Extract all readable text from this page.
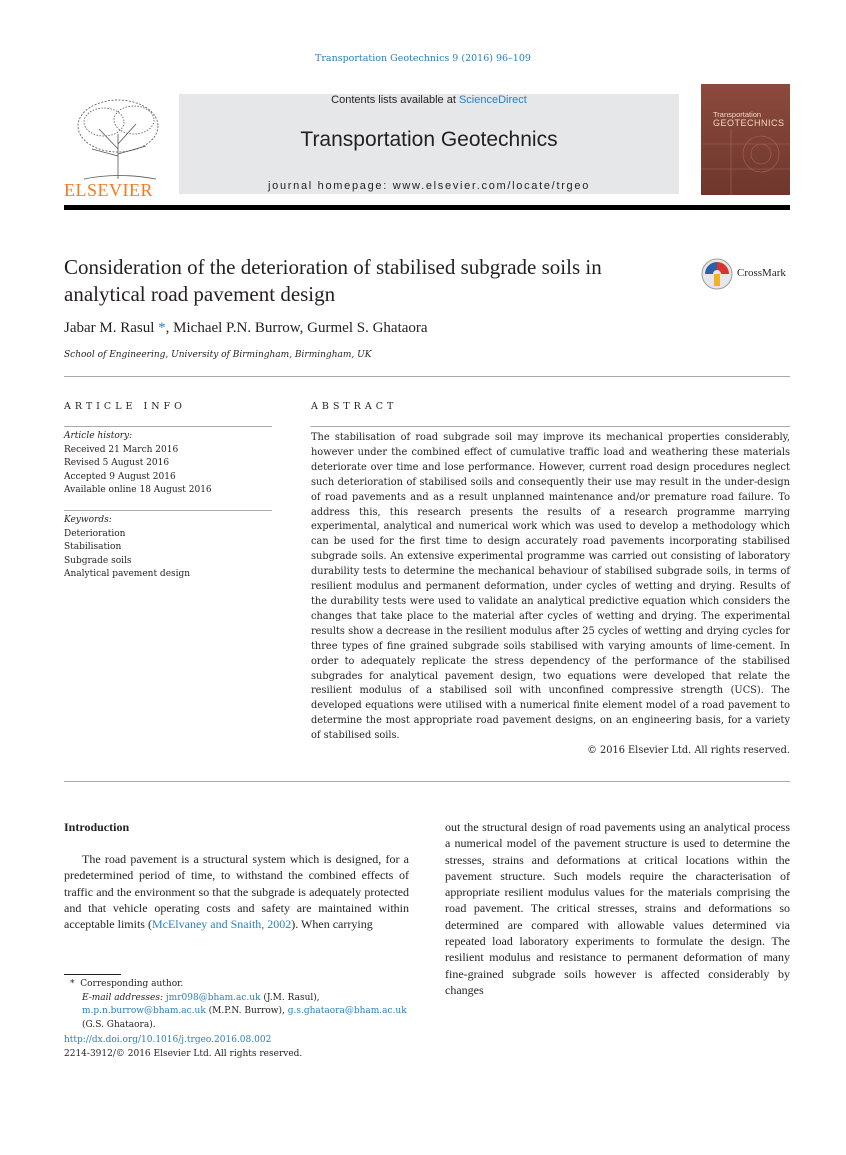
Transportation Geotechnics 9 (2016) 96–109
ELSEVIER
Contents lists available at ScienceDirect
Transportation Geotechnics
journal homepage: www.elsevier.com/locate/trgeo
Transportation
GEOTECHNICS
Consideration of the deterioration of stabilised subgrade soils in analytical road pavement design
CrossMark
Jabar M. Rasul *, Michael P.N. Burrow, Gurmel S. Ghataora
School of Engineering, University of Birmingham, Birmingham, UK
ARTICLE INFO
Article history:
Received 21 March 2016
Revised 5 August 2016
Accepted 9 August 2016
Available online 18 August 2016
Keywords:
Deterioration
Stabilisation
Subgrade soils
Analytical pavement design
ABSTRACT
The stabilisation of road subgrade soil may improve its mechanical properties considerably, however under the combined effect of cumulative traffic load and weathering these materials deteriorate over time and lose performance. However, current road design procedures neglect such deterioration of stabilised soils and consequently their use may result in the under-design of road pavements and as a result unplanned maintenance and/or premature road failure. To address this, this research presents the results of a research programme marrying experimental, analytical and numerical work which was used to develop a methodology which can be used for the first time to design accurately road pavements incorporating stabilised subgrade soils. An extensive experimental programme was carried out consisting of laboratory durability tests to determine the mechanical behaviour of stabilised subgrade soils, in terms of resilient modulus and permanent deformation, under cycles of wetting and drying. Results of the durability tests were used to validate an analytical predictive equation which considers the changes that take place to the material after cycles of wetting and drying. The experimental results show a decrease in the resilient modulus after 25 cycles of wetting and drying cycles for three types of fine grained subgrade soils stabilised with varying amounts of lime-cement. In order to adequately replicate the stress dependency of the performance of the stabilised subgrades for analytical pavement design, two equations were developed that relate the resilient modulus of a stabilised soil with unconfined compressive strength (UCS). The developed equations were utilised with a numerical finite element model of a road pavement to determine the most appropriate road pavement designs, on an engineering basis, for a variety of stabilised soils.
© 2016 Elsevier Ltd. All rights reserved.
Introduction
The road pavement is a structural system which is designed, for a predetermined period of time, to withstand the combined effects of traffic and the environment so that the subgrade is adequately protected and that vehicle operating costs and safety are maintained within acceptable limits (McElvaney and Snaith, 2002). When carrying
out the structural design of road pavements using an analytical process a numerical model of the pavement structure is used to determine the stresses, strains and deformations at critical locations within the pavement structure. Such models require the characterisation of appropriate resilient modulus values for the materials comprising the road pavement. The critical stresses, strains and deformations so determined are compared with allowable values determined via repeated load laboratory experiments to formulate the design. The resilient modulus and resistance to permanent deformation of many fine-grained subgrade soils however is affected considerably by changes
* Corresponding author.
E-mail addresses: jmr098@bham.ac.uk (J.M. Rasul), m.p.n.burrow@bham.ac.uk (M.P.N. Burrow), g.s.ghataora@bham.ac.uk (G.S. Ghataora).
http://dx.doi.org/10.1016/j.trgeo.2016.08.002
2214-3912/© 2016 Elsevier Ltd. All rights reserved.
